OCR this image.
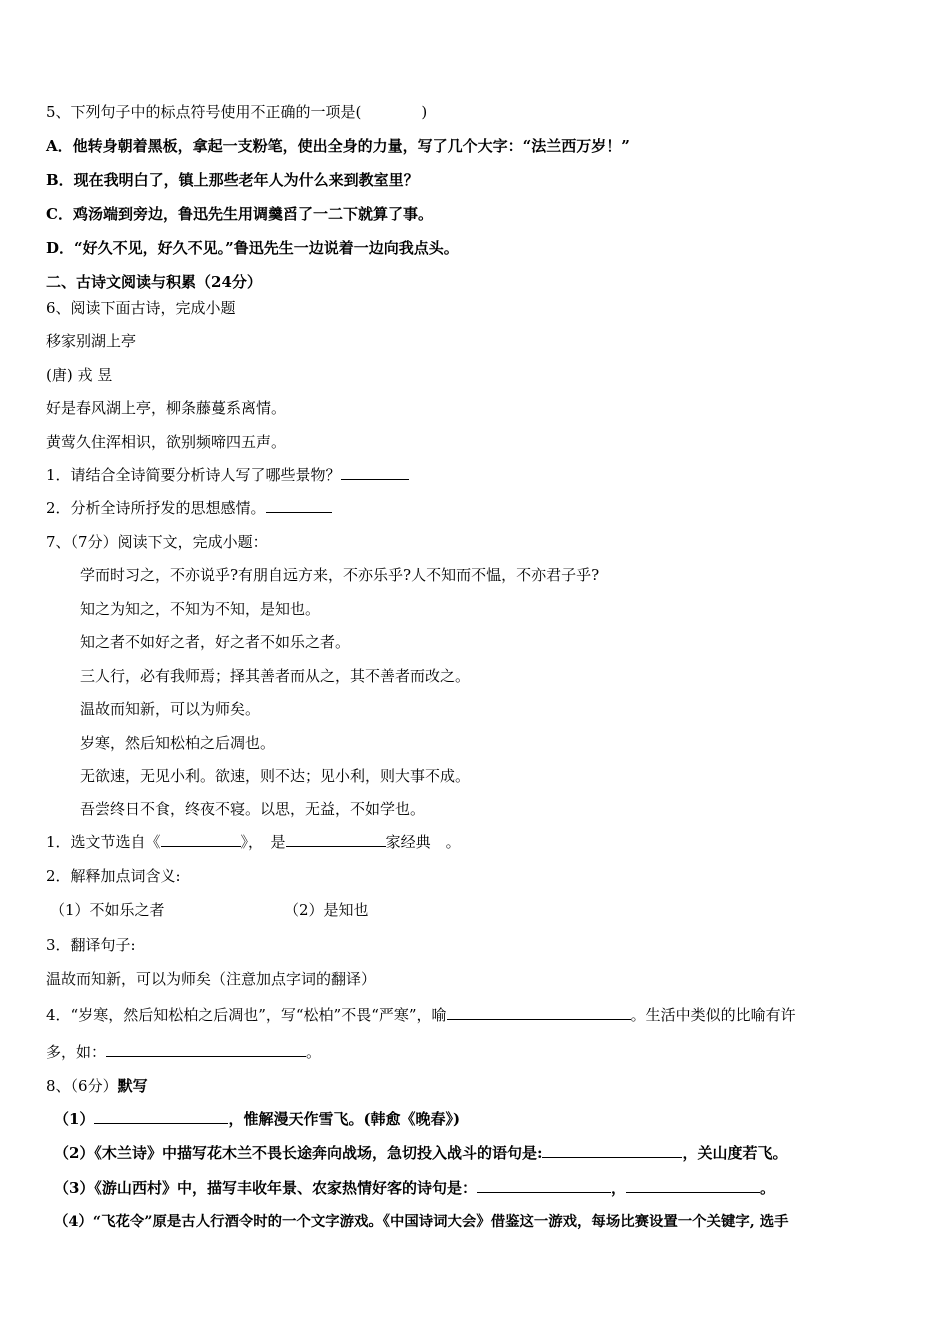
5、下列句子中的标点符号使用不正确的一项是(　　　　)
A．他转身朝着黑板，拿起一支粉笔，使出全身的力量，写了几个大字：“法兰西万岁！”
B．现在我明白了，镇上那些老年人为什么来到教室里？
C．鸡汤端到旁边，鲁迅先生用调羹舀了一二下就算了事。
D．“好久不见，好久不见。”鲁迅先生一边说着一边向我点头。
二、古诗文阅读与积累（24分）
6、阅读下面古诗，完成小题
移家别湖上亭
(唐) 戎 昱
好是春风湖上亭，柳条藤蔓系离情。
黄莺久住浑相识，欲别频啼四五声。
1．请结合全诗简要分析诗人写了哪些景物？
2．分析全诗所抒发的思想感情。
7、（7分）阅读下文，完成小题：
学而时习之，不亦说乎?有朋自远方来，不亦乐乎?人不知而不愠，不亦君子乎?
知之为知之，不知为不知，是知也。
知之者不如好之者，好之者不如乐之者。
三人行，必有我师焉；择其善者而从之，其不善者而改之。
温故而知新，可以为师矣。
岁寒，然后知松柏之后凋也。
无欲速，无见小利。欲速，则不达；见小利，则大事不成。
吾尝终日不食，终夜不寝。以思，无益，不如学也。
1．选文节选自《	》，　是	家经典　。
2．解释加点词含义:
（1）不如乐之者	（2）是知也
3．翻译句子:
温故而知新，可以为师矣（注意加点字词的翻译）
4．“岁寒，然后知松柏之后凋也”，写“松柏”不畏“严寒”，喻	。生活中类似的比喻有许
多，如：	。
8、（6分）默写
（1）	，惟解漫天作雪飞。(韩愈《晚春》)
（2）《木兰诗》中描写花木兰不畏长途奔向战场，急切投入战斗的语句是:	，关山度若飞。
（3）《游山西村》中，描写丰收年景、农家热情好客的诗句是：	，	。
（4）“飞花令”原是古人行酒令时的一个文字游戏。《中国诗词大会》借鉴这一游戏，每场比赛设置一个关键字, 选手
